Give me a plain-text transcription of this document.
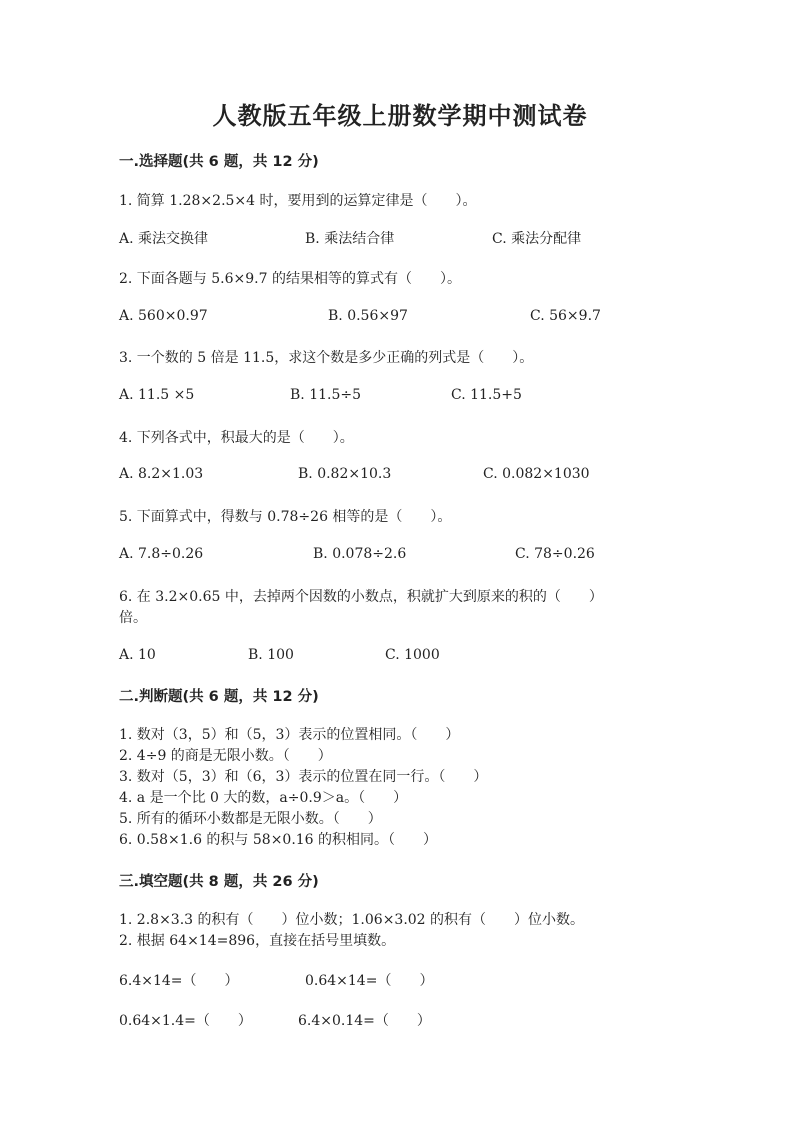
人教版五年级上册数学期中测试卷
一.选择题(共 6 题，共 12 分)
1. 简算 1.28×2.5×4 时，要用到的运算定律是（　　）。
A. 乘法交换律	B. 乘法结合律	C. 乘法分配律
2. 下面各题与 5.6×9.7 的结果相等的算式有（　　）。
A. 560×0.97	B. 0.56×97	C. 56×9.7
3. 一个数的 5 倍是 11.5，求这个数是多少正确的列式是（　　）。
A. 11.5 ×5	B. 11.5÷5	C. 11.5+5
4. 下列各式中，积最大的是（　　）。
A. 8.2×1.03	B. 0.82×10.3	C. 0.082×1030
5. 下面算式中，得数与 0.78÷26 相等的是（　　）。
A. 7.8÷0.26	B. 0.078÷2.6	C. 78÷0.26
6. 在 3.2×0.65 中，去掉两个因数的小数点，积就扩大到原来的积的（　　）
倍。
A. 10	B. 100	C. 1000
二.判断题(共 6 题，共 12 分)
1. 数对（3，5）和（5，3）表示的位置相同。（　　）
2. 4÷9 的商是无限小数。（　　）
3. 数对（5，3）和（6，3）表示的位置在同一行。（　　）
4. a 是一个比 0 大的数，a÷0.9＞a。（　　）
5. 所有的循环小数都是无限小数。（　　）
6. 0.58×1.6 的积与 58×0.16 的积相同。（　　）
三.填空题(共 8 题，共 26 分)
1. 2.8×3.3 的积有（　　）位小数；1.06×3.02 的积有（　　）位小数。
2. 根据 64×14=896，直接在括号里填数。
6.4×14=（　　）	0.64×14=（　　）
0.64×1.4=（　　）	6.4×0.14=（　　）
